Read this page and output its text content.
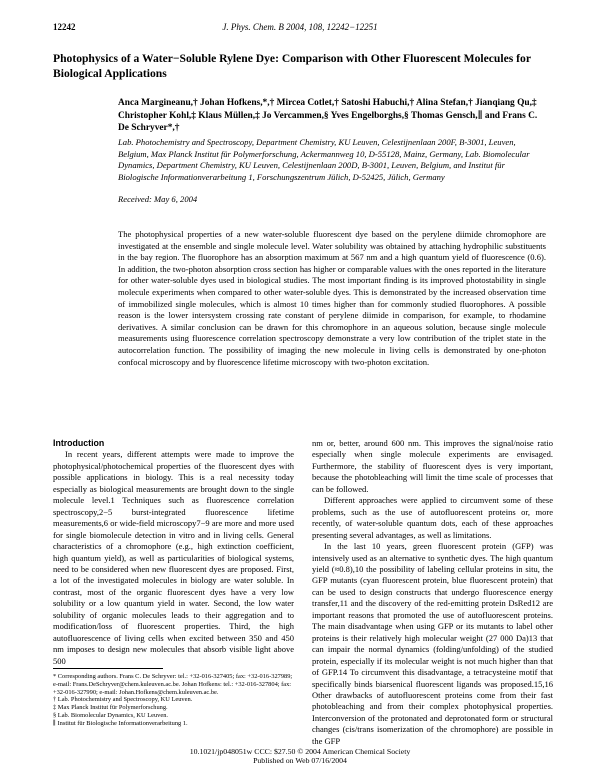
12242	J. Phys. Chem. B 2004, 108, 12242−12251
Photophysics of a Water−Soluble Rylene Dye: Comparison with Other Fluorescent Molecules for Biological Applications
Anca Margineanu,† Johan Hofkens,*,† Mircea Cotlet,† Satoshi Habuchi,† Alina Stefan,† Jianqiang Qu,‡ Christopher Kohl,‡ Klaus Müllen,‡ Jo Vercammen,§ Yves Engelborghs,§ Thomas Gensch,∥ and Frans C. De Schryver*,†
Lab. Photochemistry and Spectroscopy, Department Chemistry, KU Leuven, Celestijnenlaan 200F, B-3001, Leuven, Belgium, Max Planck Institut für Polymerforschung, Ackermannweg 10, D-55128, Mainz, Germany, Lab. Biomolecular Dynamics, Department Chemistry, KU Leuven, Celestijnenlaan 200D, B-3001, Leuven, Belgium, and Institut für Biologische Informationverarbeitung 1, Forschungszentrum Jülich, D-52425, Jülich, Germany
Received: May 6, 2004
The photophysical properties of a new water-soluble fluorescent dye based on the perylene diimide chromophore are investigated at the ensemble and single molecule level. Water solubility was obtained by attaching hydrophilic substituents in the bay region. The fluorophore has an absorption maximum at 567 nm and a high quantum yield of fluorescence (0.6). In addition, the two-photon absorption cross section has higher or comparable values with the ones reported in the literature for other water-soluble dyes used in biological studies. The most important finding is its improved photostability in single molecule experiments when compared to other water-soluble dyes. This is demonstrated by the increased observation time of immobilized single molecules, which is almost 10 times higher than for commonly studied fluorophores. A possible reason is the lower intersystem crossing rate constant of perylene diimide in comparison, for example, to rhodamine derivatives. A similar conclusion can be drawn for this chromophore in an aqueous solution, because single molecule measurements using fluorescence correlation spectroscopy demonstrate a very low contribution of the triplet state in the autocorrelation function. The possibility of imaging the new molecule in living cells is demonstrated by one-photon confocal microscopy and by fluorescence lifetime microscopy with two-photon excitation.

Introduction

In recent years, different attempts were made to improve the photophysical/photochemical properties of the fluorescent dyes with possible applications in biology. This is a real necessity today especially as biological measurements are brought down to the single molecule level.1 Techniques such as fluorescence correlation spectroscopy,2−5 burst-integrated fluorescence lifetime measurements,6 or wide-field microscopy7−9 are more and more used for single biomolecule detection in vitro and in living cells. General characteristics of a chromophore (e.g., high extinction coefficient, high quantum yield), as well as particularities of biological systems, need to be considered when new fluorescent dyes are proposed. First, a lot of the investigated molecules in biology are water soluble. In contrast, most of the organic fluorescent dyes have a very low solubility or a low quantum yield in water. Second, the low water solubility of organic molecules leads to their aggregation and to modification/loss of fluorescent properties. Third, the high autofluorescence of living cells when excited between 350 and 450 nm imposes to design new molecules that absorb visible light above 500

* Corresponding authors. Frans C. De Schryver: tel.: +32-016-327405; fax: +32-016-327989; e-mail: Frans.DeSchryver@chem.kuleuven.ac.be. Johan Hofkens: tel.: +32-016-327804; fax: +32-016-327990; e-mail: Johan.Hofkens@chem.kuleuven.ac.be.
† Lab. Photochemistry and Spectroscopy, KU Leuven.
‡ Max Planck Institut für Polymerforschung.
§ Lab. Biomolecular Dynamics, KU Leuven.
∥ Institut für Biologische Informationverarbeitung 1.

nm or, better, around 600 nm. This improves the signal/noise ratio especially when single molecule experiments are envisaged. Furthermore, the stability of fluorescent dyes is very important, because the photobleaching will limit the time scale of processes that can be followed.

Different approaches were applied to circumvent some of these problems, such as the use of autofluorescent proteins or, more recently, of water-soluble quantum dots, each of these approaches presenting several advantages, as well as limitations.

In the last 10 years, green fluorescent protein (GFP) was intensively used as an alternative to synthetic dyes. The high quantum yield (≈0.8),10 the possibility of labeling cellular proteins in situ, the GFP mutants (cyan fluorescent protein, blue fluorescent protein) that can be used to design constructs that undergo fluorescence energy transfer,11 and the discovery of the red-emitting protein DsRed12 are important reasons that promoted the use of autofluorescent proteins. The main disadvantage when using GFP or its mutants to label other proteins is their relatively high molecular weight (27 000 Da)13 that can impair the normal dynamics (folding/unfolding) of the studied protein, especially if its molecular weight is not much higher than that of GFP.14 To circumvent this disadvantage, a tetracysteine motif that specifically binds biarsenical fluorescent ligands was proposed.15,16 Other drawbacks of autofluorescent proteins come from their fast photobleaching and from their complex photophysical properties. Interconversion of the protonated and deprotonated form or structural changes (cis/trans isomerization of the chromophore) are possible in the GFP

10.1021/jp048051w CCC: $27.50 © 2004 American Chemical Society
Published on Web 07/16/2004
